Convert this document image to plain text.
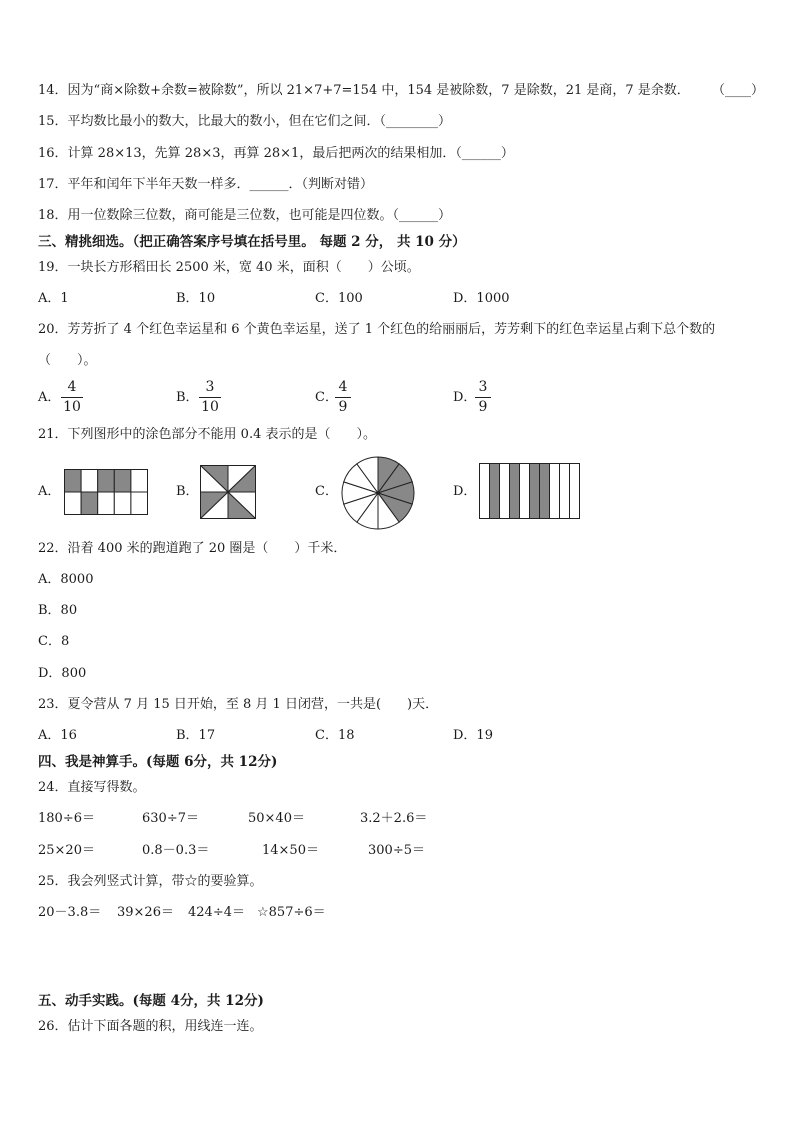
14．因为“商×除数+余数=被除数”，所以 21×7+7=154 中，154 是被除数，7 是除数，21 是商，7 是余数． （____）
15．平均数比最小的数大，比最大的数小，但在它们之间．（________）
16．计算 28×13，先算 28×3，再算 28×1，最后把两次的结果相加．（______）
17．平年和闰年下半年天数一样多．______．（判断对错）
18．用一位数除三位数，商可能是三位数，也可能是四位数。（______）
三、精挑细选。（把正确答案序号填在括号里。 每题 2 分， 共 10 分）
19．一块长方形稻田长 2500 米，宽 40 米，面积（　　）公顷。
A．1	B．10	C．100	D．1000
20．芳芳折了 4 个红色幸运星和 6 个黄色幸运星，送了 1 个红色的给丽丽后，芳芳剩下的红色幸运星占剩下总个数的
（　　）。
A．
4
10
B．
3
10
C．
4
9
D．
3
9
21．下列图形中的涂色部分不能用 0.4 表示的是（　　）。
A．	B．	C．	D．
22．沿着 400 米的跑道跑了 20 圈是（　　）千米．
A．8000
B．80
C．8
D．800
23．夏令营从 7 月 15 日开始，至 8 月 1 日闭营，一共是(　　)天．
A．16	B．17	C．18	D．19
四、我是神算手。(每题 6分，共 12分)
24．直接写得数。
180÷6＝	630÷7＝	50×40＝	3.2＋2.6＝
25×20＝	0.8－0.3＝	14×50＝	300÷5＝
25．我会列竖式计算，带☆的要验算。
20－3.8＝ 39×26＝ 424÷4＝ ☆857÷6＝
五、动手实践。(每题 4分，共 12分)
26．估计下面各题的积，用线连一连。
